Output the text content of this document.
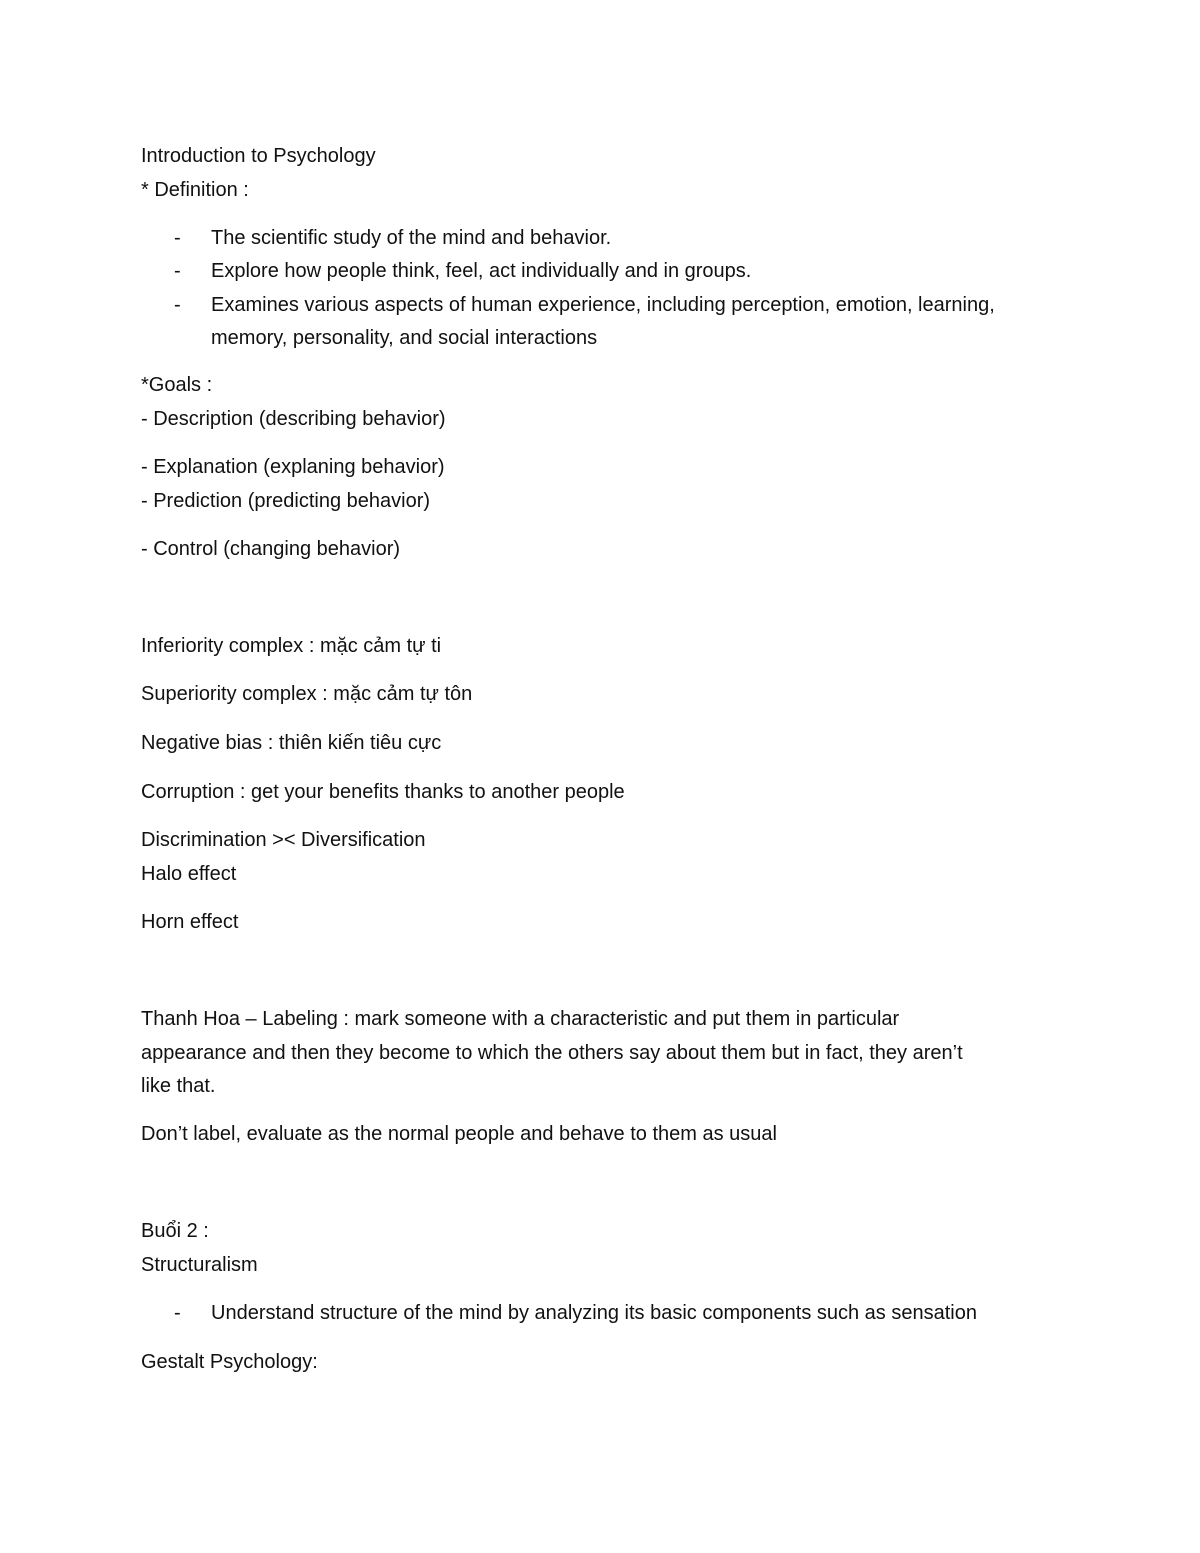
Introduction to Psychology
* Definition :
- The scientific study of the mind and behavior.
- Explore how people think, feel, act individually and in groups.
- Examines various aspects of human experience, including perception, emotion, learning,
memory, personality, and social interactions
*Goals :
- Description (describing behavior)
- Explanation (explaning behavior)
- Prediction (predicting behavior)
- Control (changing behavior)
Inferiority complex : mặc cảm tự ti
Superiority complex : mặc cảm tự tôn
Negative bias : thiên kiến tiêu cực
Corruption : get your benefits thanks to another people
Discrimination >< Diversification
Halo effect
Horn effect
Thanh Hoa – Labeling : mark someone with a characteristic and put them in particular
appearance and then they become to which the others say about them but in fact, they aren’t
like that.
Don’t label, evaluate as the normal people and behave to them as usual
Buổi 2 :
Structuralism
- Understand structure of the mind by analyzing its basic components such as sensation
Gestalt Psychology:
